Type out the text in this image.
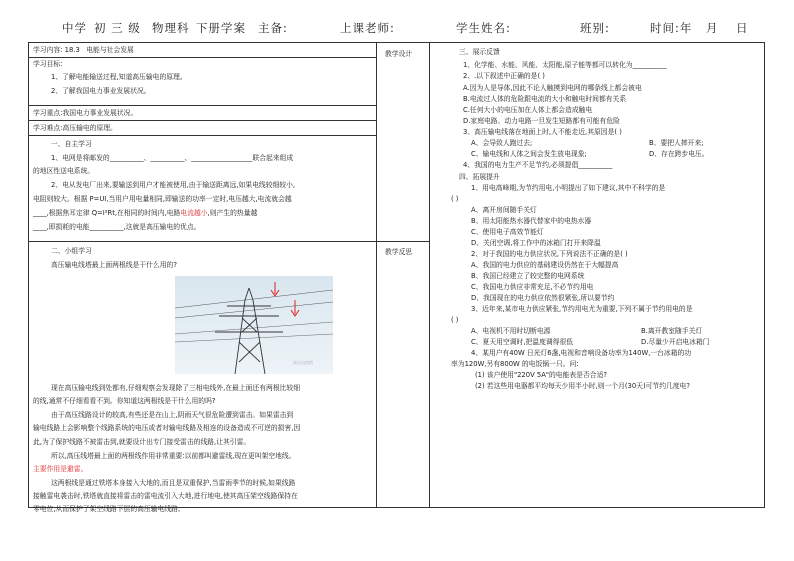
中学 初 三 级 物理科 下册学案 主备:	上课老师:	学生姓名:	班别:	时间:年 月 日
学习内容: 18.3 电能与社会发展
学习目标:
1、了解电能输送过程,知道高压输电的原理。
2、了解我国电力事业发展状况。
学习重点:我国电力事业发展状况。
学习难点:高压输电的原理。
一、自主学习
1、电网是将邮发的__________、__________、__________________联合起来组成
的地区性送电系统。
2、电从发电厂出来,要输送到用户才能被使用,由于输送距离远,如果电线较细较小,
电阻则较大。根据 P=UI,当用户用电量相同,即输送的功率一定时,电压越大,电流就会越
____,根据焦耳定律 Q=I²Rt,在相同的时间内,电路电流越小,则产生的热量越
____,即损耗的电能__________,这就是高压输电的优点。
二、小组学习
高压输电线塔最上面两根线是干什么用的?
高压电线塔
现在高压输电线到处都有,仔细观察会发现除了三相电线外,在最上面还有两根比较细
的线,通常不仔细看看不到。你知道这两根线是干什么用的吗?
由于高压线路设计的较高,有些还是在山上,阴雨天气很危险遭到雷击。如果雷击到
输电线路上会影响整个线路系统的电压或者对输电线路及相连的设备造成不可逆的损害,因
此,为了保护线路不被雷击到,就要设计出专门接受雷击的线路,让其引雷。
所以,高压线塔最上面的两根线作用非常重要:以前都叫避雷线,现在更叫架空地线。
主要作用是避雷。
这两根线是通过铁塔本身接入大地的,而且是双重保护,当雷雨季节的时候,如果线路
接触雷电袭击时,铁塔就直接将雷击的雷电流引入大地,进行地电,使其高压架空线路保持在
零电位,从而保护了架空线路下层的高压输电线路。
教学设计
教学反思
三、展示反馈
1、化学能、水能、风能、太阳能,原子能等都可以转化为__________
2、.以下叙述中正确的是( )
A.因为人是导体,因此不论人触摸到电网的哪条线上都会被电
B.电流过人体的危险跟电流的大小和触电时间都有关系
C.任何大小的电压加在人体上都会造成触电
D.家庭电路、动力电路一旦发生短路都有可能有危险
3、高压输电线落在地面上时,人不能走近,其原因是( )
A、会导致人跑过去;	B、要把人摔开来;
C、输电线和人体之间会发生放电现象;	D、存在跨步电压。
4、我国的电力生产不足节约,必须提倡__________
四、拓展提升
1、用电高峰期,为节约用电,小明提出了如下建议,其中不科学的是
( )
A、离开房间随手关灯
B、用太阳能热水器代替家中的电热水器
C、使用电子高效节能灯
D、关闭空调,将工作中的冰箱门打开来降温
2、对于我国的电力供应状况,下列说法不正确的是( )
A、我国的电力供应的基础建设仍然在于大幅提高
B、我国已经建立了较完整的电网系统
C、我国电力供应非常充足,不必节约用电
D、我国现在的电力供应依然很紧张,所以要节约
3、近年来,某市电力供应紧张,节约用电尤为重要,下列不属于节约用电的是
( )
A、电视机不用时切断电源	B.离开教室随手关灯
C、夏天用空调时,把温度调得很低	D.尽量少开启电冰箱门
4、某用户有40W 日光灯6盏,电视和音响设备功率为140W,一台冰箱的功
率为120W,另有800W 的电饭锅一只。问:
(1) 该户使用"220V 5A"的电能表是否合适?
(2) 若这些用电器都平均每天少用半小时,则一个月(30天)可节约几度电?
